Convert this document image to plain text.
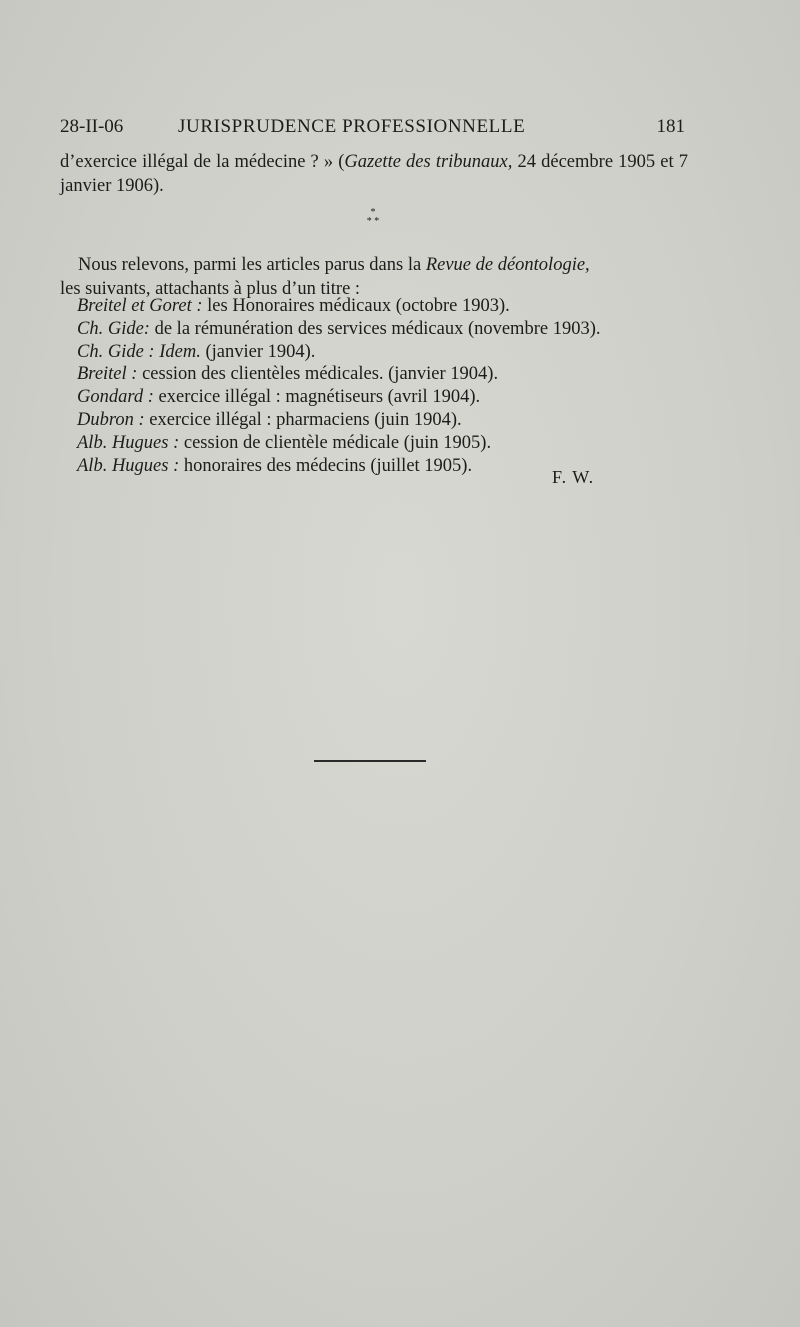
28-II-06	JURISPRUDENCE PROFESSIONNELLE	181
d’exercice illégal de la médecine ? » (Gazette des tribunaux, 24 décembre 1905 et 7 janvier 1906).
*
* *
Nous relevons, parmi les articles parus dans la Revue de déontologie,
les suivants, attachants à plus d’un titre :
Breitel et Goret : les Honoraires médicaux (octobre 1903).
Ch. Gide: de la rémunération des services médicaux (novembre 1903).
Ch. Gide : Idem. (janvier 1904).
Breitel : cession des clientèles médicales. (janvier 1904).
Gondard : exercice illégal : magnétiseurs (avril 1904).
Dubron : exercice illégal : pharmaciens (juin 1904).
Alb. Hugues : cession de clientèle médicale (juin 1905).
Alb. Hugues : honoraires des médecins (juillet 1905).
F. W.
